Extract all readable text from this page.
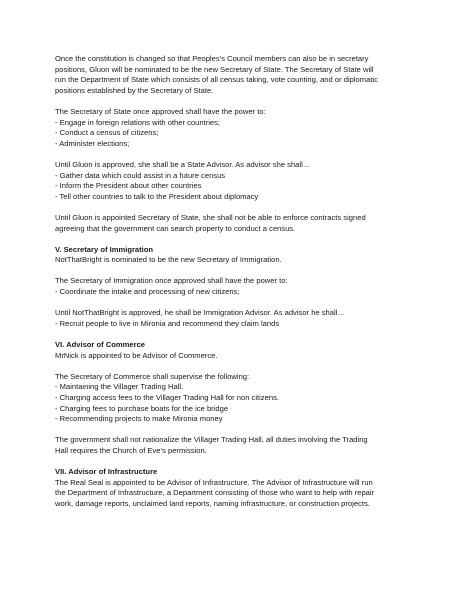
Once the constitution is changed so that Peoples’s Council members can also be in secretary
positions, Gluon will be nominated to be the new Secretary of State. The Secretary of State will
run the Department of State which consists of all census taking, vote counting, and or diplomatic
positions established by the Secretary of State.
The Secretary of State once approved shall have the power to:
- Engage in foreign relations with other countries;
- Conduct a census of citizens;
- Administer elections;
Until Gluon is approved, she shall be a State Advisor. As advisor she shall…
- Gather data which could assist in a future census
- Inform the President about other countries
- Tell other countries to talk to the President about diplomacy
Until Gluon is appointed Secretary of State, she shall not be able to enforce contracts signed
agreeing that the government can search property to conduct a census.
V. Secretary of Immigration
NotThatBright is nominated to be the new Secretary of Immigration.
The Secretary of Immigration once approved shall have the power to:
- Coordinate the intake and processing of new citizens;
Until NotThatBright is approved, he shall be Immigration Advisor. As advisor he shall…
- Recruit people to live in Mironia and recommend they claim lands
VI. Advisor of Commerce
MrNick is appointed to be Advisor of Commerce.
The Secretary of Commerce shall supervise the following:
- Maintaining the Villager Trading Hall.
- Charging access fees to the Villager Trading Hall for non citizens.
- Charging fees to purchase boats for the ice bridge
- Recommending projects to make Mironia money
The government shall not nationalize the Villager Trading Hall, all duties involving the Trading
Hall requires the Church of Eve’s permission.
VII. Advisor of Infrastructure
The Real Seal is appointed to be Advisor of Infrastructure. The Advisor of Infrastructure will run
the Department of Infrastructure, a Department consisting of those who want to help with repair
work, damage reports, unclaimed land reports, naming infrastructure, or construction projects.
